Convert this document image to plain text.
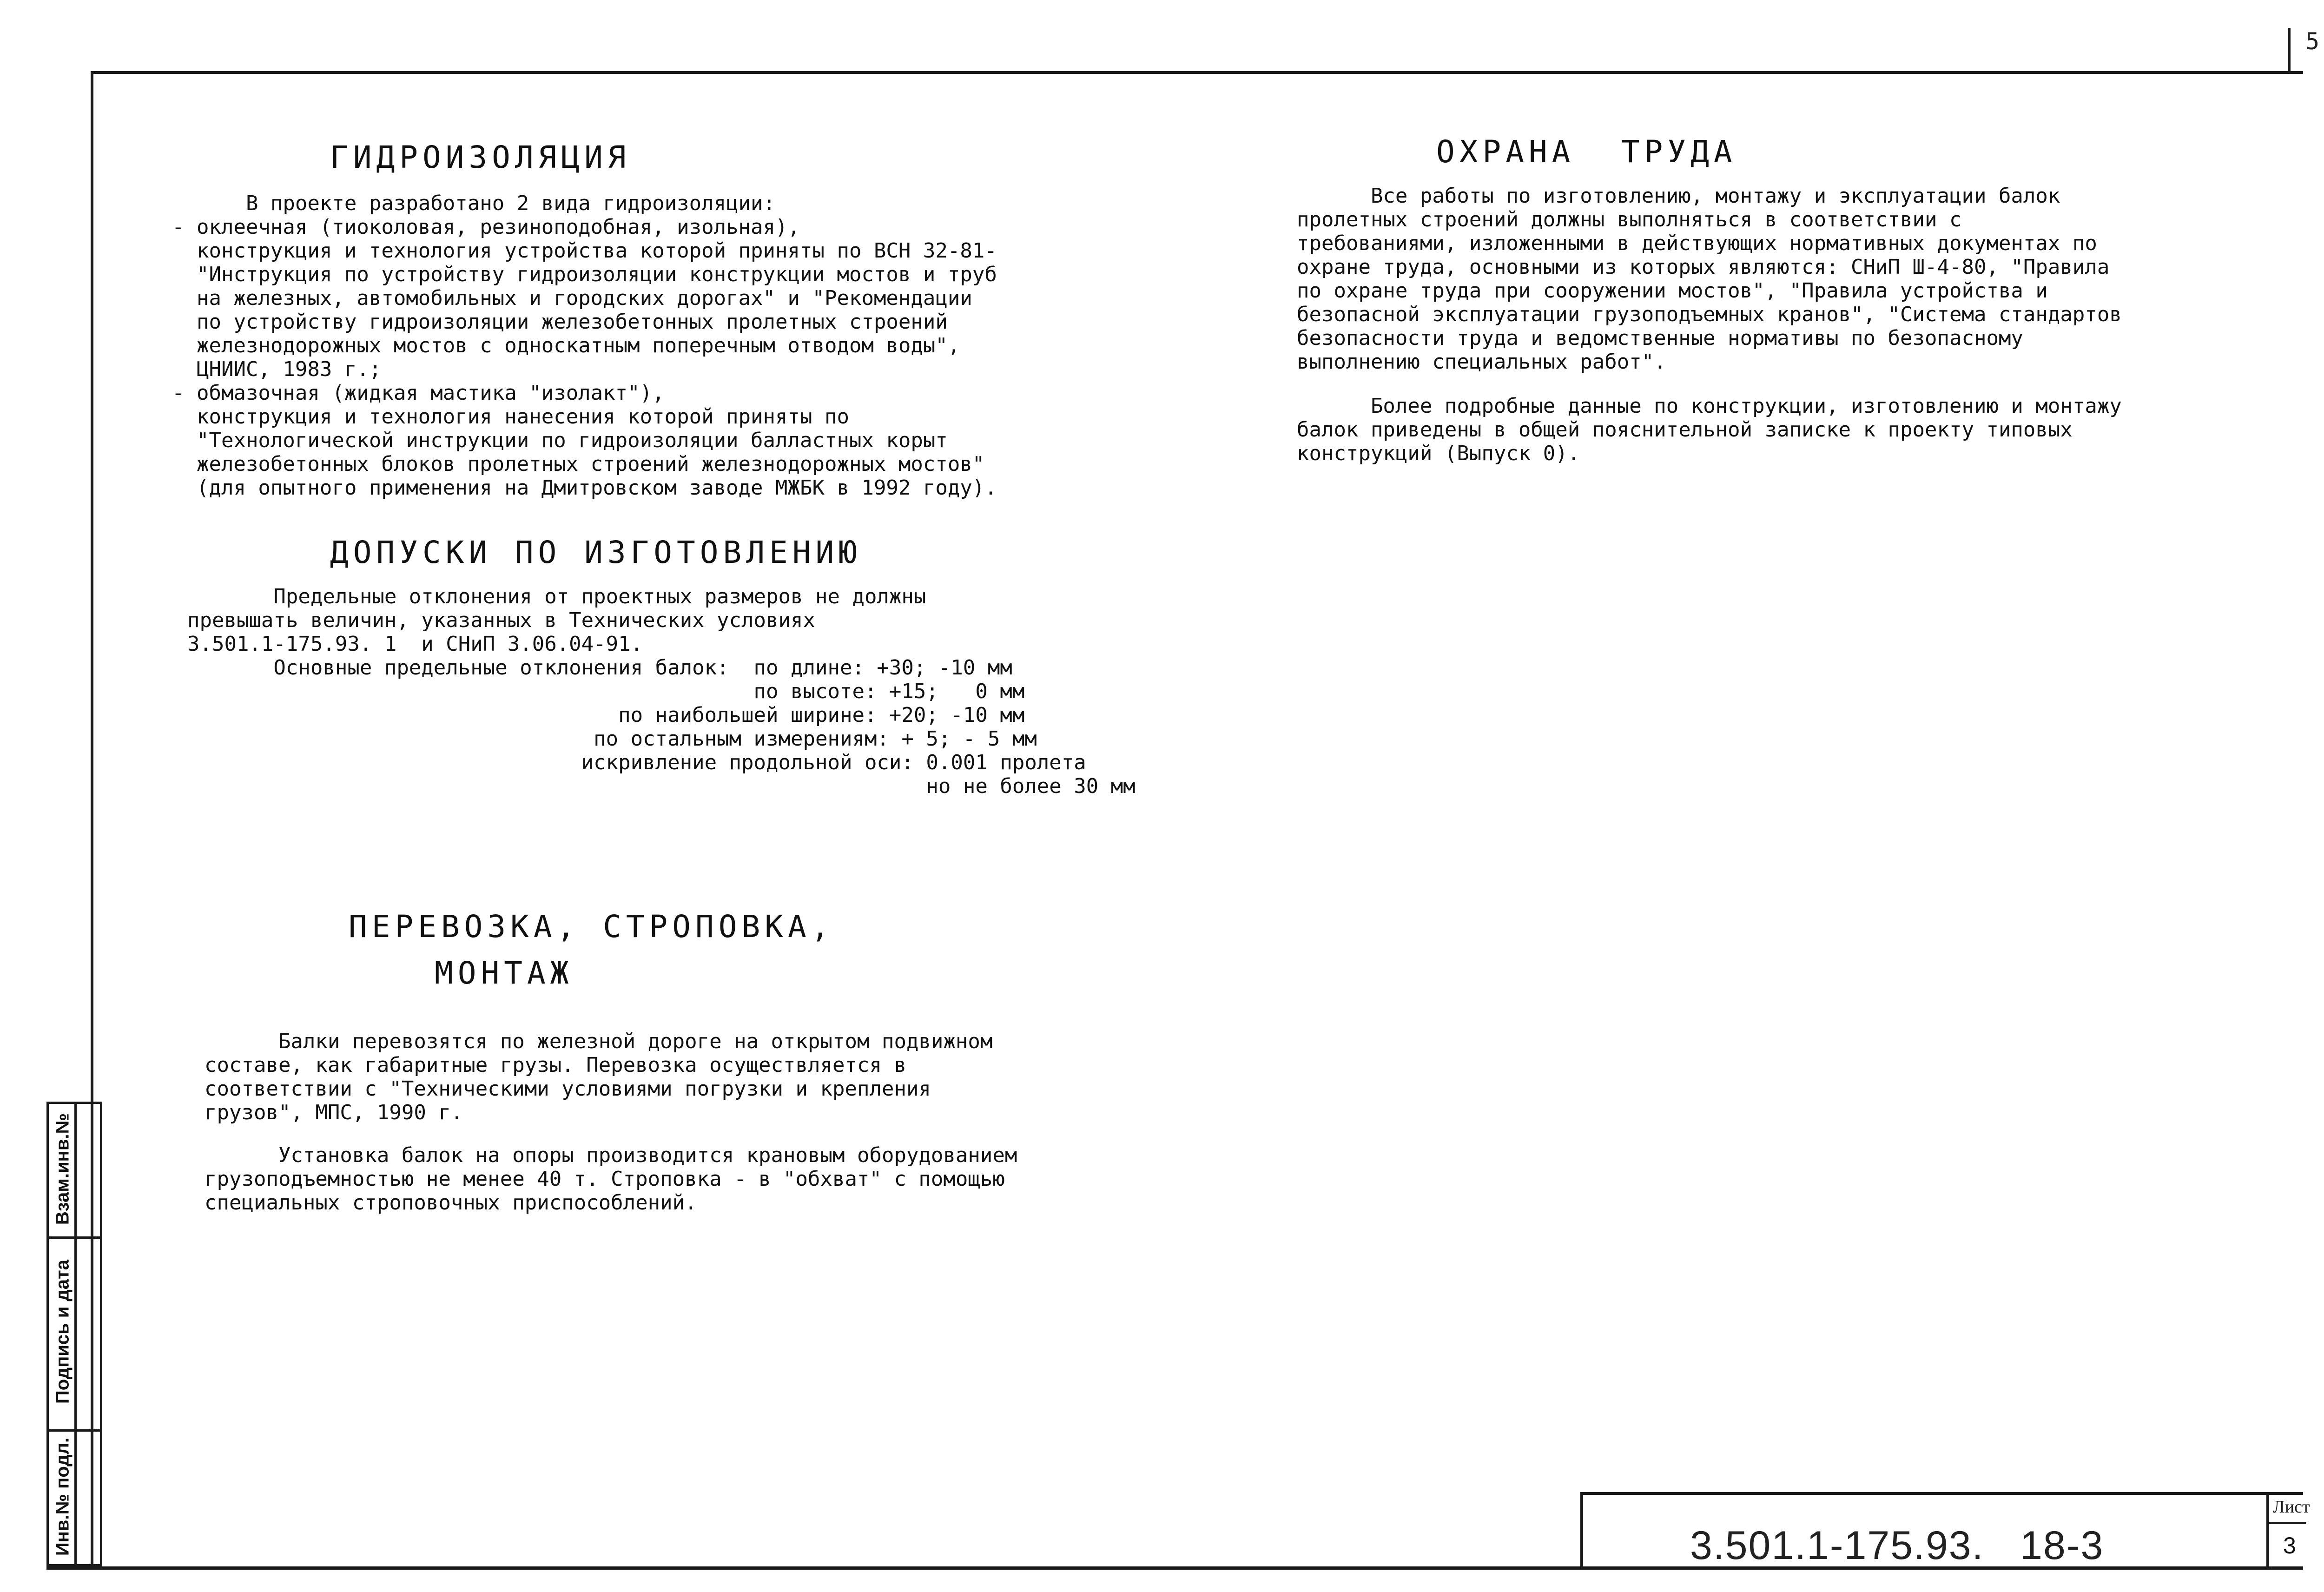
5
ГИДРОИЗОЛЯЦИЯ
В проекте разработано 2 вида гидроизоляции:
- оклеечная (тиоколовая, резиноподобная, изольная),
конструкция и технология устройства которой приняты по ВСН 32-81-
"Инструкция по устройству гидроизоляции конструкции мостов и труб
на железных, автомобильных и городских дорогах" и "Рекомендации
по устройству гидроизоляции железобетонных пролетных строений
железнодорожных мостов с односкатным поперечным отводом воды",
ЦНИИС, 1983 г.;
- обмазочная (жидкая мастика "изолакт"),
конструкция и технология нанесения которой приняты по
"Технологической инструкции по гидроизоляции балластных корыт
железобетонных блоков пролетных строений железнодорожных мостов"
(для опытного применения на Дмитровском заводе МЖБК в 1992 году).
ДОПУСКИ ПО ИЗГОТОВЛЕНИЮ
Предельные отклонения от проектных размеров не должны
превышать величин, указанных в Технических условиях
3.501.1-175.93. 1  и СНиП 3.06.04-91.
Основные предельные отклонения балок:  по длине: +30; -10 мм
по высоте: +15;   0 мм
по наибольшей ширине: +20; -10 мм
по остальным измерениям: + 5; - 5 мм
искривление продольной оси: 0.001 пролета
но не более 30 мм
ПЕРЕВОЗКА, СТРОПОВКА,
МОНТАЖ
Балки перевозятся по железной дороге на открытом подвижном
составе, как габаритные грузы. Перевозка осуществляется в
соответствии с "Техническими условиями погрузки и крепления
грузов", МПС, 1990 г.
Установка балок на опоры производится крановым оборудованием
грузоподъемностью не менее 40 т. Строповка - в "обхват" с помощью
специальных строповочных приспособлений.
ОХРАНА  ТРУДА
Все работы по изготовлению, монтажу и эксплуатации балок
пролетных строений должны выполняться в соответствии с
требованиями, изложенными в действующих нормативных документах по
охране труда, основными из которых являются: СНиП Ш-4-80, "Правила
по охране труда при сооружении мостов", "Правила устройства и
безопасной эксплуатации грузоподъемных кранов", "Система стандартов
безопасности труда и ведомственные нормативы по безопасному
выполнению специальных работ".
Более подробные данные по конструкции, изготовлению и монтажу
балок приведены в общей пояснительной записке к проекту типовых
конструкций (Выпуск 0).
Инв.№ подл.
Подпись и дата
Взам.инв.№
3.501.1-175.93.   18-3
Лист
3
